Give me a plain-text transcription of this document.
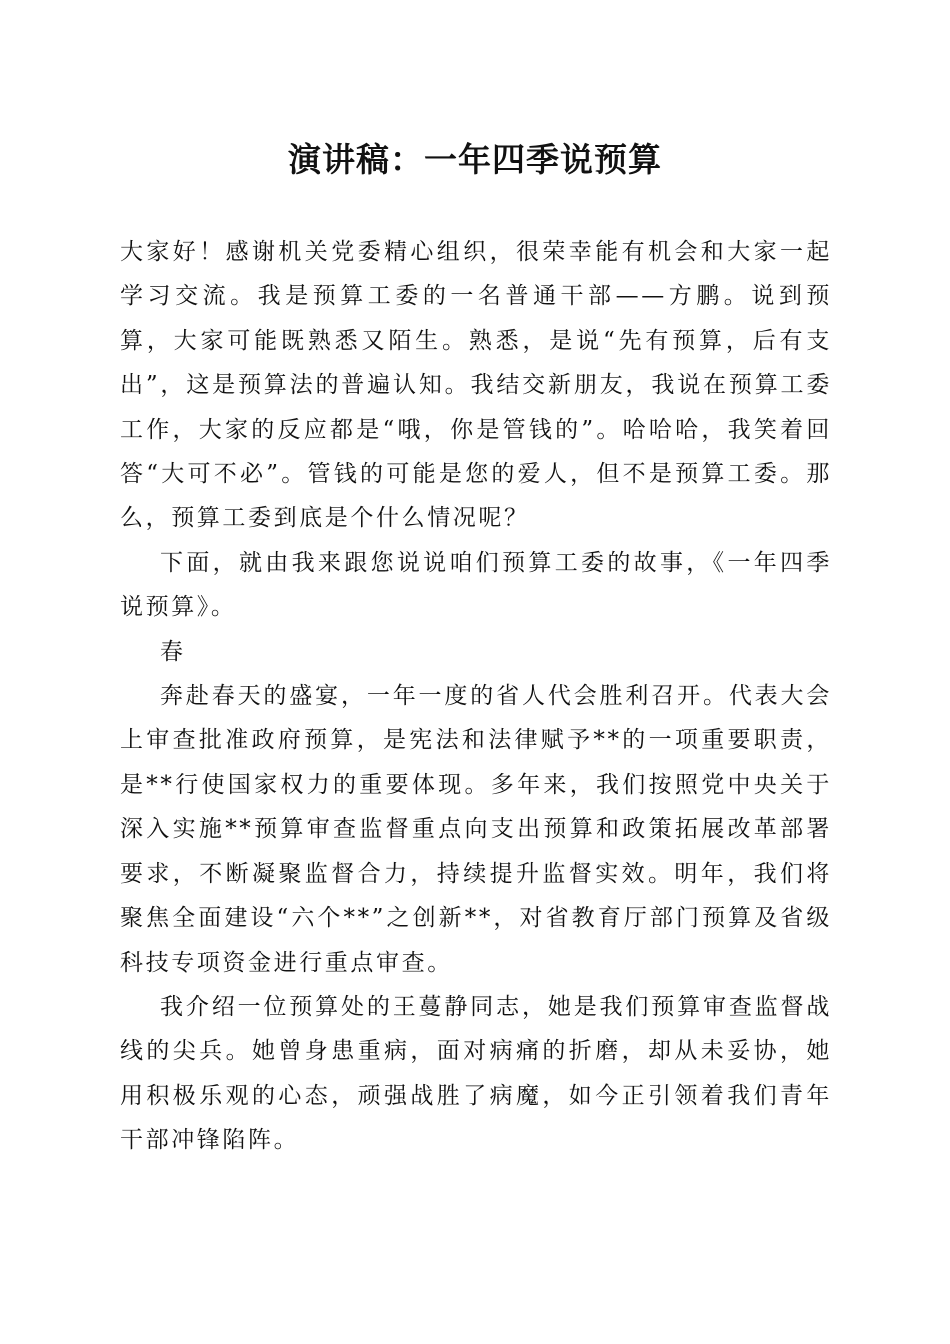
演讲稿：一年四季说预算

大家好！感谢机关党委精心组织，很荣幸能有机会和大家一起学习交流。我是预算工委的一名普通干部——方鹏。说到预算，大家可能既熟悉又陌生。熟悉，是说“先有预算，后有支出”，这是预算法的普遍认知。我结交新朋友，我说在预算工委工作，大家的反应都是“哦，你是管钱的”。哈哈哈，我笑着回答“大可不必”。管钱的可能是您的爱人，但不是预算工委。那么，预算工委到底是个什么情况呢？

下面，就由我来跟您说说咱们预算工委的故事，《一年四季说预算》。

春

奔赴春天的盛宴，一年一度的省人代会胜利召开。代表大会上审查批准政府预算，是宪法和法律赋予**的一项重要职责，是**行使国家权力的重要体现。多年来，我们按照党中央关于深入实施**预算审查监督重点向支出预算和政策拓展改革部署要求，不断凝聚监督合力，持续提升监督实效。明年，我们将聚焦全面建设“六个**”之创新**，对省教育厅部门预算及省级科技专项资金进行重点审查。

我介绍一位预算处的王蔓静同志，她是我们预算审查监督战线的尖兵。她曾身患重病，面对病痛的折磨，却从未妥协，她用积极乐观的心态，顽强战胜了病魔，如今正引领着我们青年干部冲锋陷阵。
